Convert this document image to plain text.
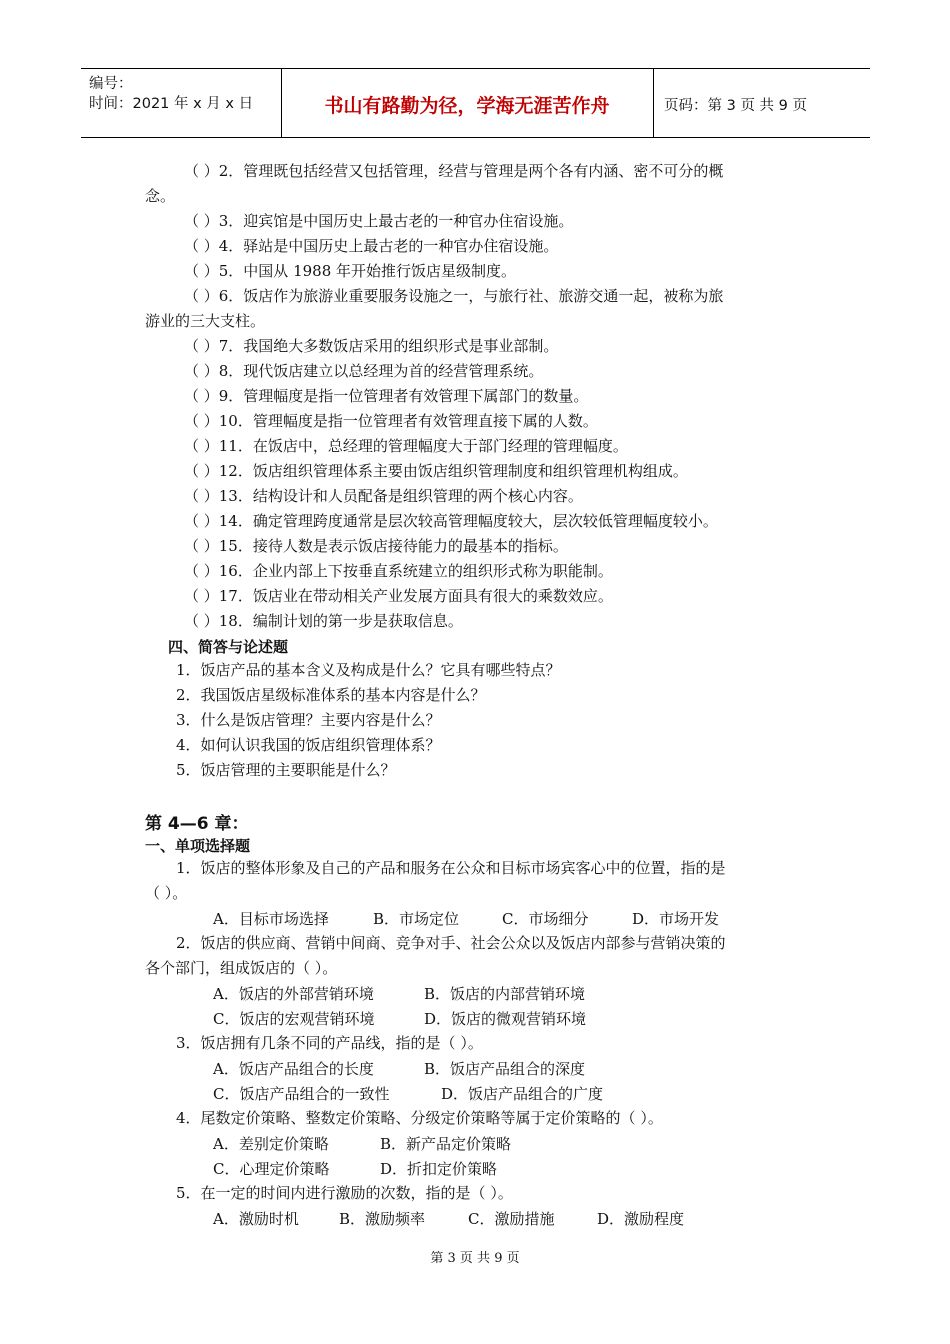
编号：
时间：2021 年 x 月 x 日	书山有路勤为径，学海无涯苦作舟	页码：第 3 页 共 9 页
（ ）2．管理既包括经营又包括管理，经营与管理是两个各有内涵、密不可分的概
念。
（ ）3．迎宾馆是中国历史上最古老的一种官办住宿设施。
（ ）4．驿站是中国历史上最古老的一种官办住宿设施。
（ ）5．中国从 1988 年开始推行饭店星级制度。
（ ）6．饭店作为旅游业重要服务设施之一，与旅行社、旅游交通一起，被称为旅
游业的三大支柱。
（ ）7．我国绝大多数饭店采用的组织形式是事业部制。
（ ）8．现代饭店建立以总经理为首的经营管理系统。
（ ）9．管理幅度是指一位管理者有效管理下属部门的数量。
（ ）10．管理幅度是指一位管理者有效管理直接下属的人数。
（ ）11．在饭店中，总经理的管理幅度大于部门经理的管理幅度。
（ ）12．饭店组织管理体系主要由饭店组织管理制度和组织管理机构组成。
（ ）13．结构设计和人员配备是组织管理的两个核心内容。
（ ）14．确定管理跨度通常是层次较高管理幅度较大，层次较低管理幅度较小。
（ ）15．接待人数是表示饭店接待能力的最基本的指标。
（ ）16．企业内部上下按垂直系统建立的组织形式称为职能制。
（ ）17．饭店业在带动相关产业发展方面具有很大的乘数效应。
（ ）18．编制计划的第一步是获取信息。
四、简答与论述题
1．饭店产品的基本含义及构成是什么？它具有哪些特点？
2．我国饭店星级标准体系的基本内容是什么？
3．什么是饭店管理？主要内容是什么？
4．如何认识我国的饭店组织管理体系？
5．饭店管理的主要职能是什么？
第 4—6 章：
一、单项选择题
1．饭店的整体形象及自己的产品和服务在公众和目标市场宾客心中的位置，指的是
（ ）。
A．目标市场选择	B．市场定位	C．市场细分	D．市场开发
2．饭店的供应商、营销中间商、竞争对手、社会公众以及饭店内部参与营销决策的
各个部门，组成饭店的（ ）。
A．饭店的外部营销环境	B．饭店的内部营销环境
C．饭店的宏观营销环境	D．饭店的微观营销环境
3．饭店拥有几条不同的产品线，指的是（ ）。
A．饭店产品组合的长度	B．饭店产品组合的深度
C．饭店产品组合的一致性	D．饭店产品组合的广度
4．尾数定价策略、整数定价策略、分级定价策略等属于定价策略的（ ）。
A．差别定价策略	B．新产品定价策略
C．心理定价策略	D．折扣定价策略
5．在一定的时间内进行激励的次数，指的是（ ）。
A．激励时机	B．激励频率	C．激励措施	D．激励程度
第 3 页 共 9 页
